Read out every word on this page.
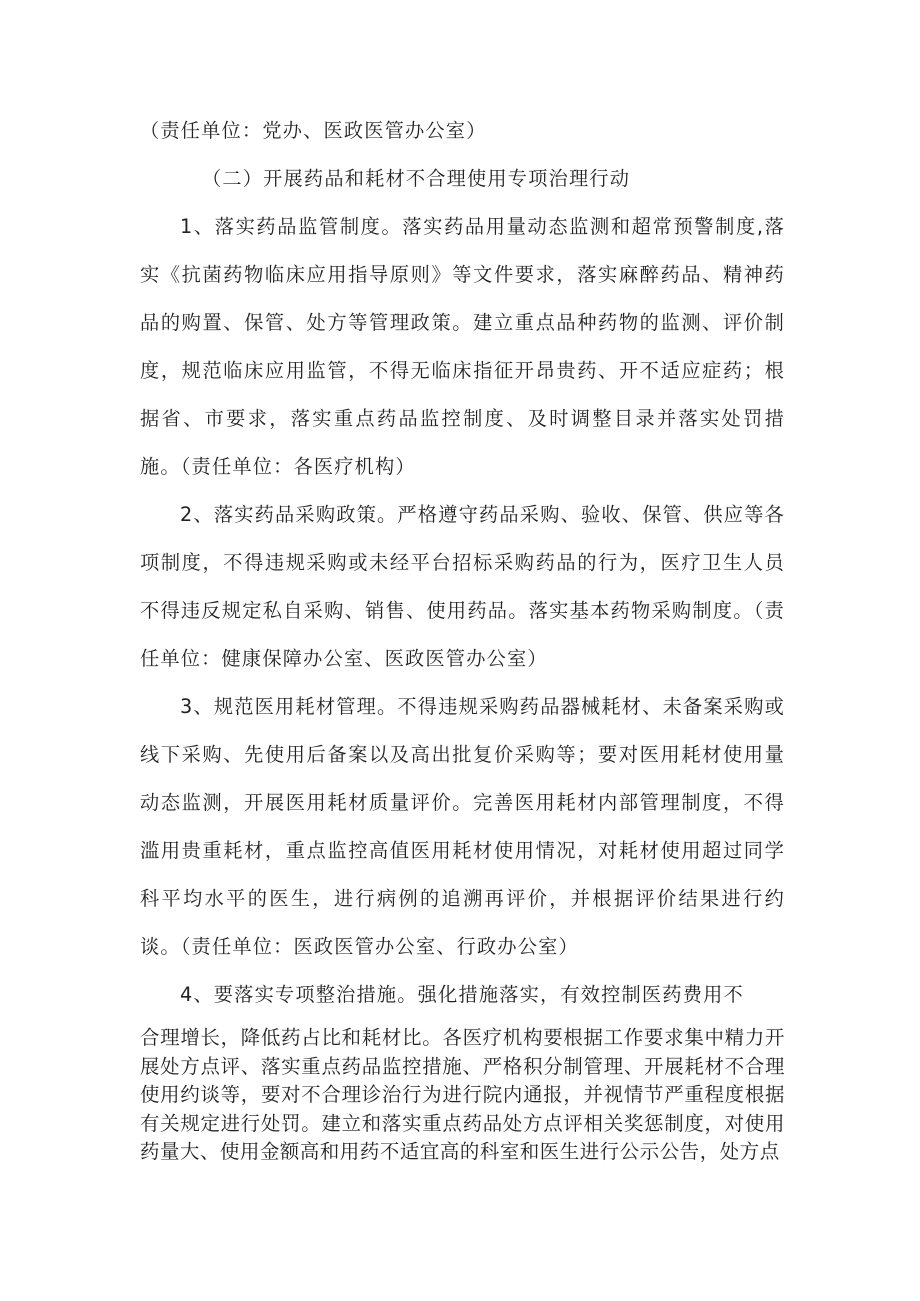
（责任单位：党办、医政医管办公室）

（二）开展药品和耗材不合理使用专项治理行动

1、落实药品监管制度。落实药品用量动态监测和超常预警制度,落实《抗菌药物临床应用指导原则》等文件要求，落实麻醉药品、精神药品的购置、保管、处方等管理政策。建立重点品种药物的监测、评价制度，规范临床应用监管，不得无临床指征开昂贵药、开不适应症药；根据省、市要求，落实重点药品监控制度、及时调整目录并落实处罚措施。（责任单位：各医疗机构）

2、落实药品采购政策。严格遵守药品采购、验收、保管、供应等各项制度，不得违规采购或未经平台招标采购药品的行为，医疗卫生人员不得违反规定私自采购、销售、使用药品。落实基本药物采购制度。（责任单位：健康保障办公室、医政医管办公室）

3、规范医用耗材管理。不得违规采购药品器械耗材、未备案采购或线下采购、先使用后备案以及高出批复价采购等；要对医用耗材使用量动态监测，开展医用耗材质量评价。完善医用耗材内部管理制度，不得滥用贵重耗材，重点监控高值医用耗材使用情况，对耗材使用超过同学科平均水平的医生，进行病例的追溯再评价，并根据评价结果进行约谈。（责任单位：医政医管办公室、行政办公室）

4、要落实专项整治措施。强化措施落实，有效控制医药费用不

合理增长，降低药占比和耗材比。各医疗机构要根据工作要求集中精力开展处方点评、落实重点药品监控措施、严格积分制管理、开展耗材不合理使用约谈等，要对不合理诊治行为进行院内通报，并视情节严重程度根据有关规定进行处罚。建立和落实重点药品处方点评相关奖惩制度，对使用药量大、使用金额高和用药不适宜高的科室和医生进行公示公告，处方点
